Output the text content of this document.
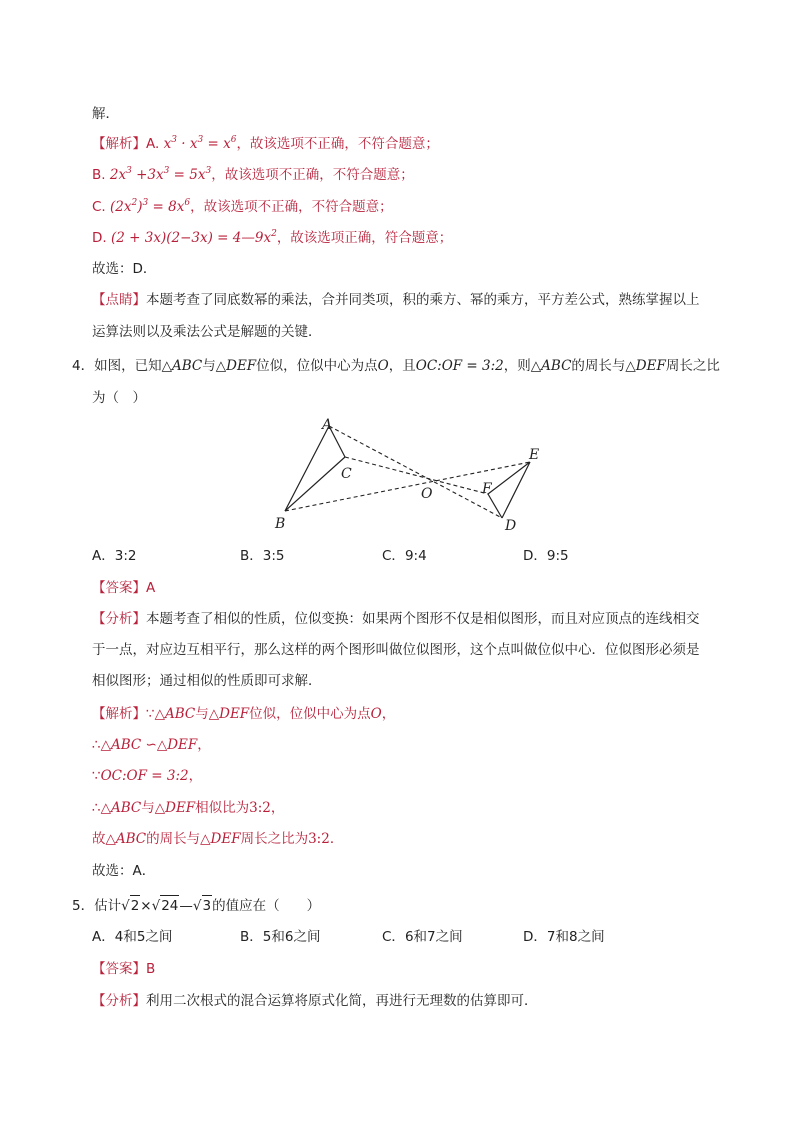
解．
【解析】A. $x^3 \cdot x^3 = x^6$，故该选项不正确，不符合题意；
B. $2x^3 +3x^3 = 5x^3$，故该选项不正确，不符合题意；
C. $(2x^2)^3 = 8x^6$，故该选项不正确，不符合题意；
D. $(2 + 3x)(2-3x) = 4—9x^2$，故该选项正确，符合题意；
故选：D．
【点睛】本题考查了同底数幂的乘法，合并同类项，积的乘方、幂的乘方，平方差公式，熟练掌握以上
运算法则以及乘法公式是解题的关键．
4．如图，已知△ABC与△DEF位似，位似中心为点O，且OC:OF = 3:2，则△ABC的周长与△DEF周长之比
为（　）
A
B
C
O
E
F
D
A．3:2	B．3:5	C．9:4	D．9:5
【答案】A
【分析】本题考查了相似的性质，位似变换：如果两个图形不仅是相似图形，而且对应顶点的连线相交
于一点，对应边互相平行，那么这样的两个图形叫做位似图形，这个点叫做位似中心．位似图形必须是
相似图形；通过相似的性质即可求解．
【解析】∵△ABC与△DEF位似，位似中心为点O，
∴△ABC ∽△DEF，
∵OC:OF = 3:2，
∴△ABC与△DEF相似比为3:2，
故△ABC的周长与△DEF周长之比为3:2．
故选：A．
5．估计√2×√24—√3的值应在（　　）
A．4和5之间	B．5和6之间	C．6和7之间	D．7和8之间
【答案】B
【分析】利用二次根式的混合运算将原式化简，再进行无理数的估算即可．
